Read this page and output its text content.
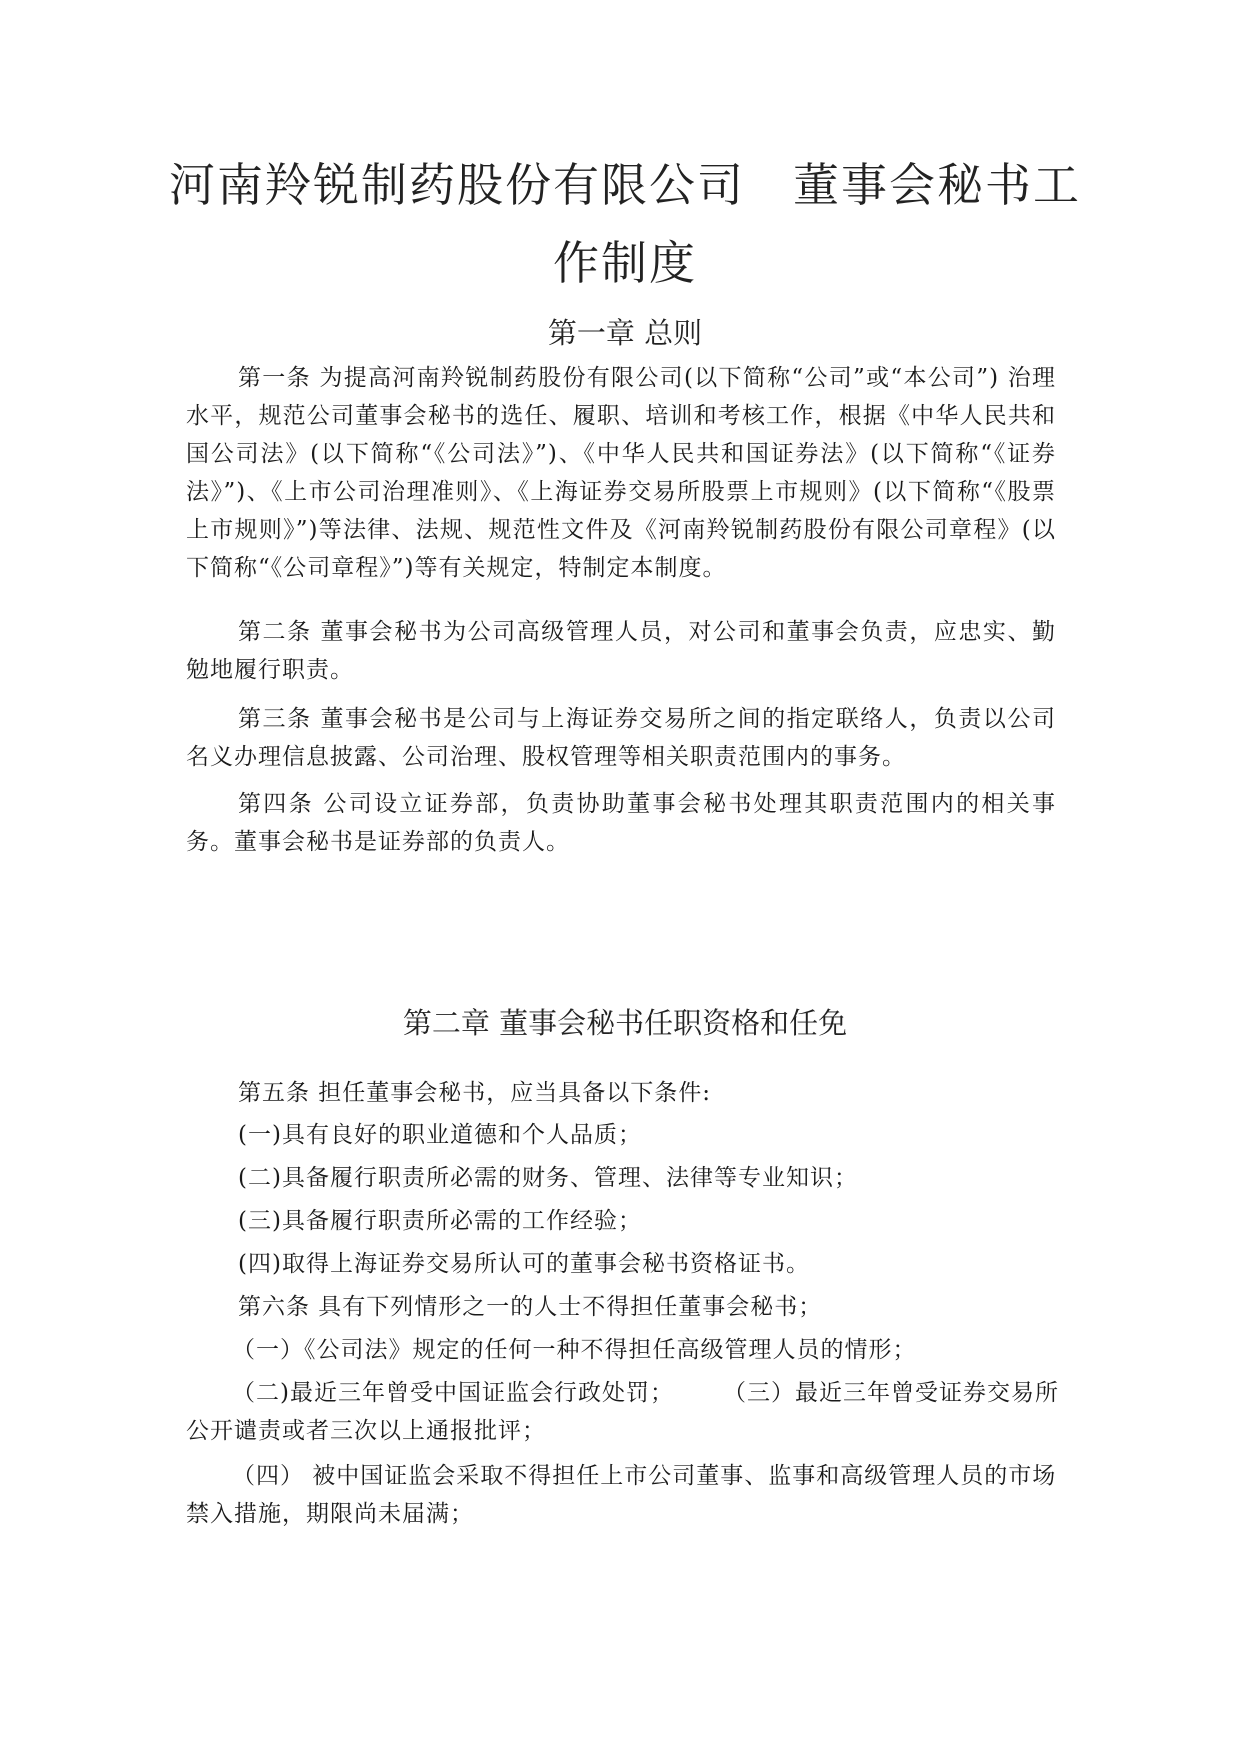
河南羚锐制药股份有限公司　董事会秘书工
作制度
第一章 总则
第一条 为提高河南羚锐制药股份有限公司(以下简称“公司”或“本公司”) 治理水平，规范公司董事会秘书的选任、履职、培训和考核工作，根据《中华人民共和国公司法》(以下简称“《公司法》”)、《中华人民共和国证券法》(以下简称“《证券法》”)、《上市公司治理准则》、《上海证券交易所股票上市规则》(以下简称“《股票上市规则》”)等法律、法规、规范性文件及《河南羚锐制药股份有限公司章程》(以下简称“《公司章程》”)等有关规定，特制定本制度。
第二条 董事会秘书为公司高级管理人员，对公司和董事会负责，应忠实、勤勉地履行职责。
第三条 董事会秘书是公司与上海证券交易所之间的指定联络人，负责以公司名义办理信息披露、公司治理、股权管理等相关职责范围内的事务。
第四条 公司设立证券部，负责协助董事会秘书处理其职责范围内的相关事务。董事会秘书是证券部的负责人。
第二章 董事会秘书任职资格和任免
第五条 担任董事会秘书，应当具备以下条件:
(一)具有良好的职业道德和个人品质；
(二)具备履行职责所必需的财务、管理、法律等专业知识；
(三)具备履行职责所必需的工作经验；
(四)取得上海证券交易所认可的董事会秘书资格证书。
第六条 具有下列情形之一的人士不得担任董事会秘书；
（一）《公司法》规定的任何一种不得担任高级管理人员的情形；
（二)最近三年曾受中国证监会行政处罚；　　　（三）最近三年曾受证券交易所公开谴责或者三次以上通报批评；
（四） 被中国证监会采取不得担任上市公司董事、监事和高级管理人员的市场禁入措施，期限尚未届满；
